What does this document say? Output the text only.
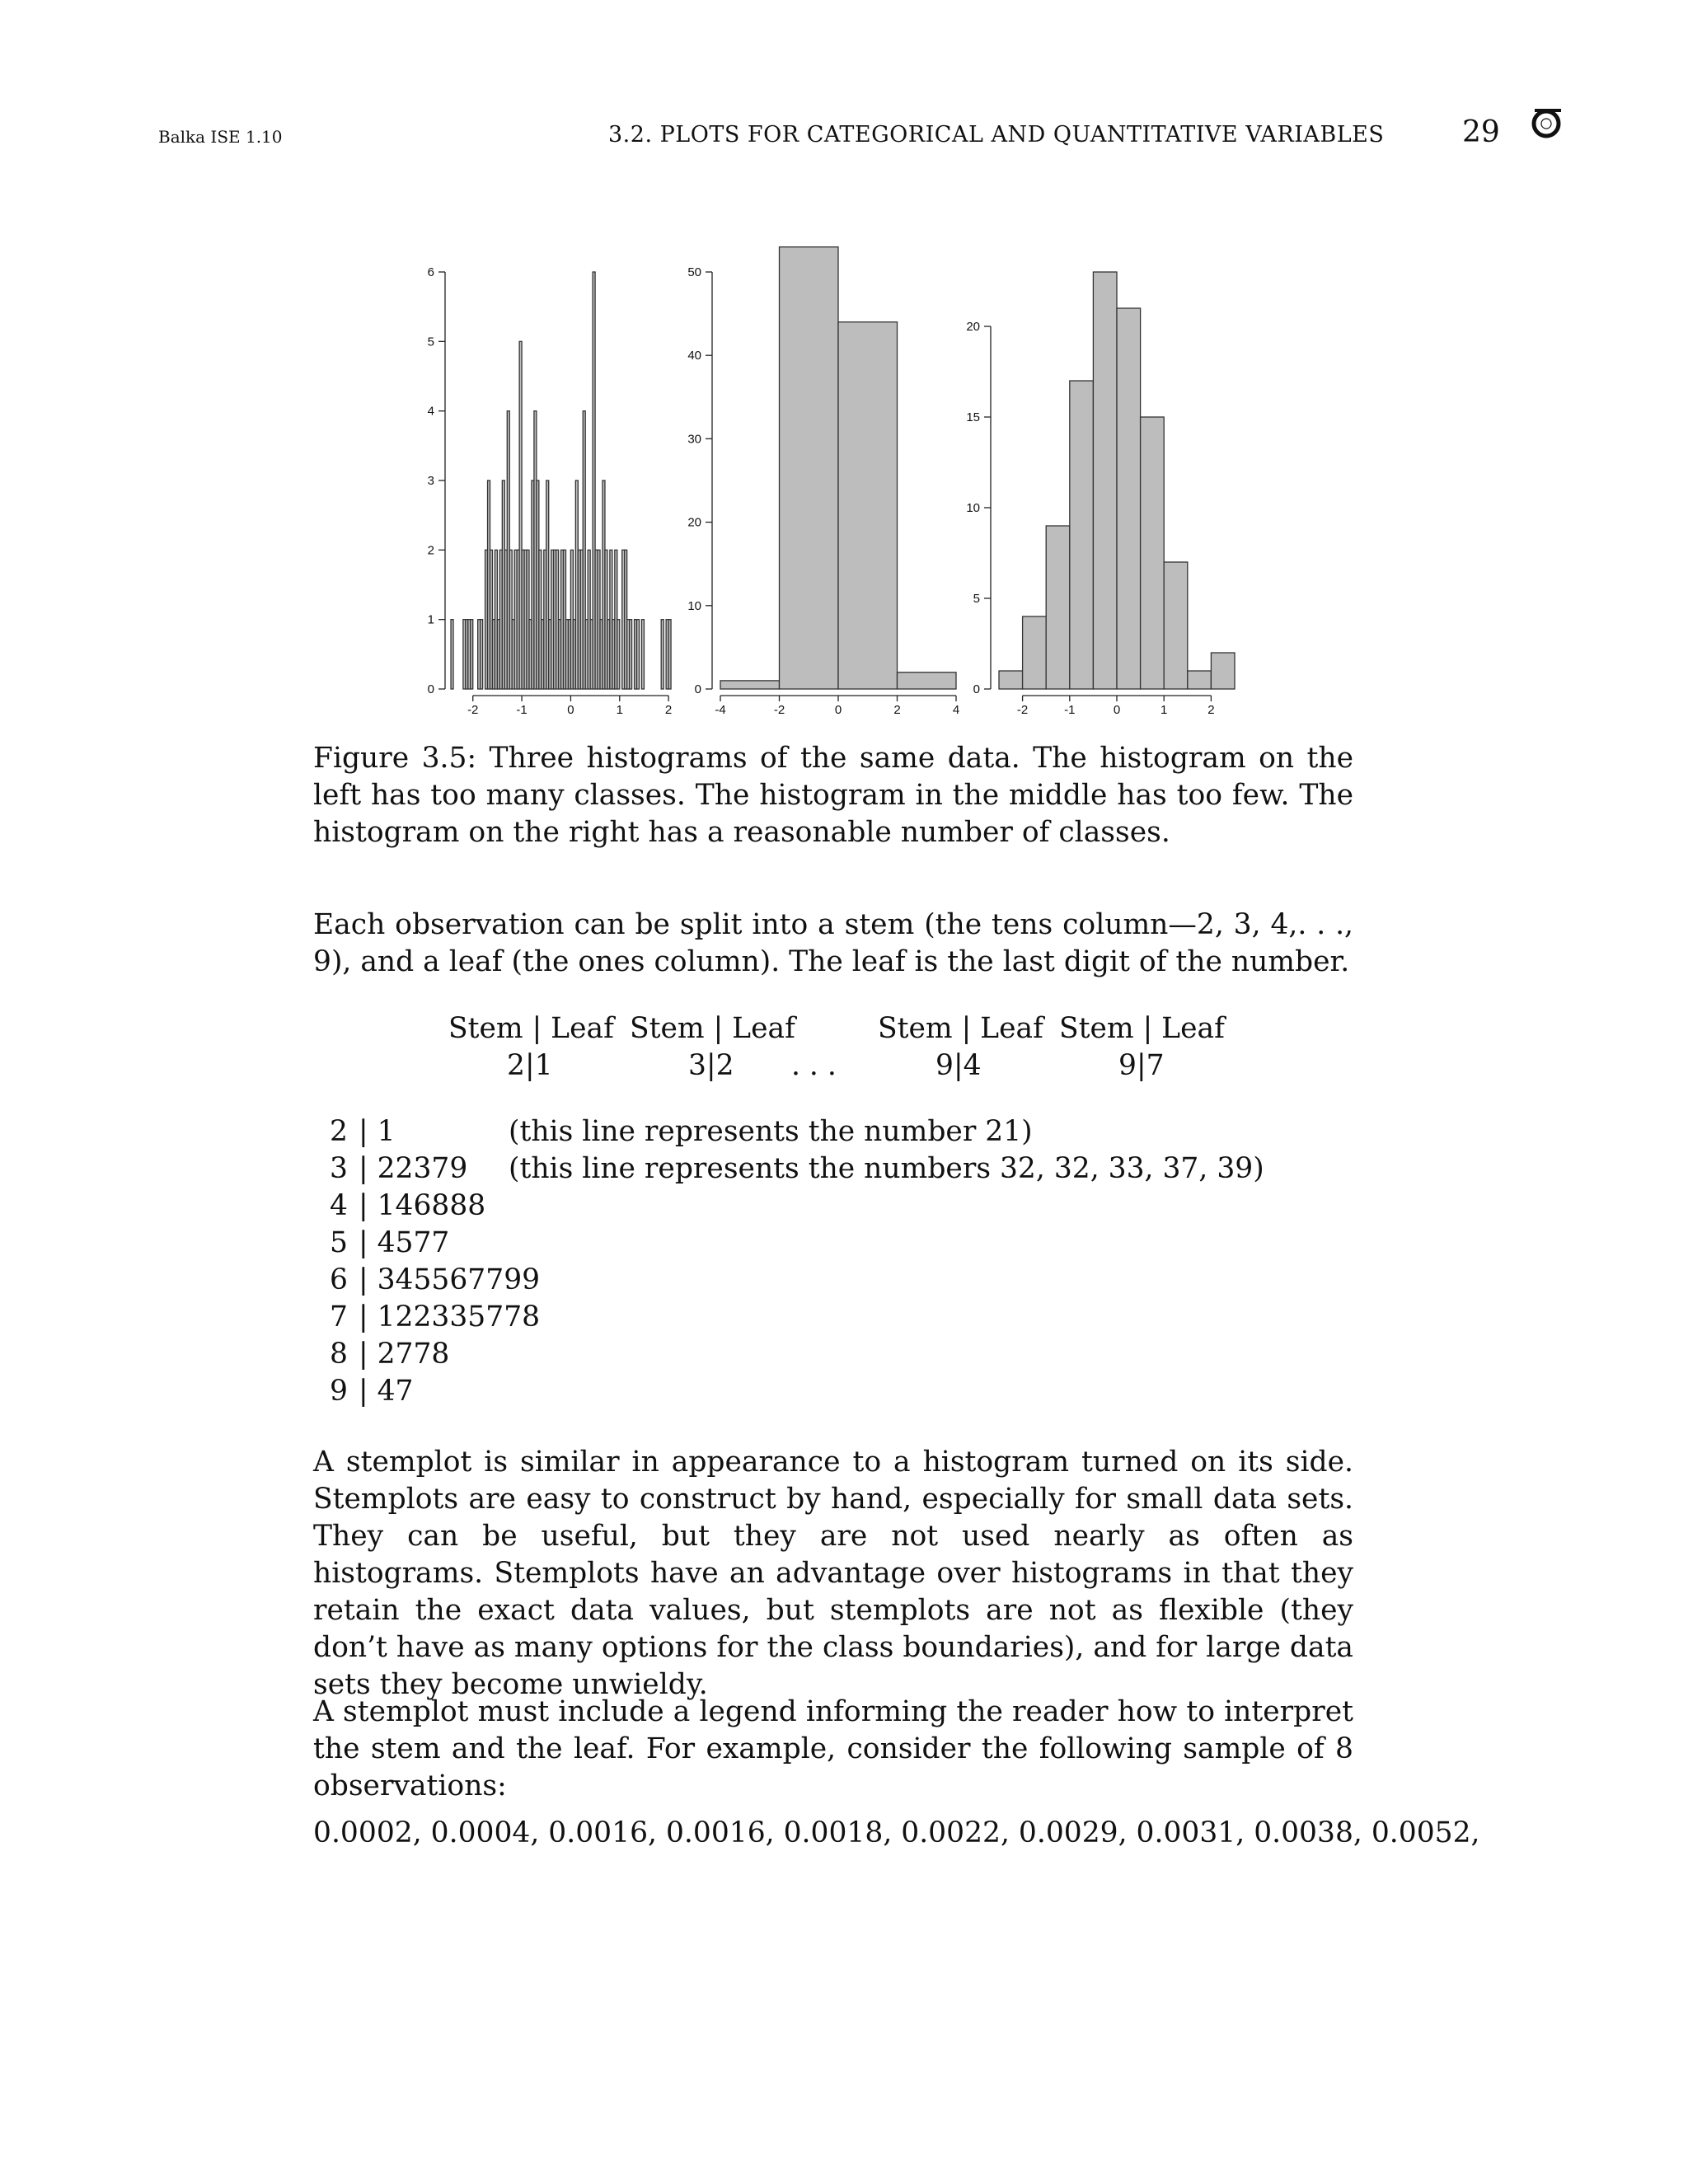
Balka ISE 1.10	3.2. PLOTS FOR CATEGORICAL AND QUANTITATIVE VARIABLES	29
0
1
2
3
4
5
6
-2	-1	0	1	2
0
10
20
30
40
50
-4	-2	0	2	4
0
5
10
15
20
-2	-1	0	1	2
Figure 3.5: Three histograms of the same data. The histogram on the left has too many classes. The histogram in the middle has too few. The histogram on the right has a reasonable number of classes.
Each observation can be split into a stem (the tens column—2, 3, 4,. . ., 9), and a leaf (the ones column). The leaf is the last digit of the number.
Stem | Leaf Stem | Leaf	Stem | Leaf Stem | Leaf
2|1	3|2 . . .	9|4	9|7
2 | 1
3 | 22379
4 | 146888
5 | 4577
6 | 345567799
7 | 122335778
8 | 2778
9 | 47
(this line represents the number 21)
(this line represents the numbers 32, 32, 33, 37, 39)
A stemplot is similar in appearance to a histogram turned on its side. Stemplots are easy to construct by hand, especially for small data sets. They can be useful, but they are not used nearly as often as histograms. Stemplots have an advantage over histograms in that they retain the exact data values, but stemplots are not as flexible (they don’t have as many options for the class boundaries), and for large data sets they become unwieldy.
A stemplot must include a legend informing the reader how to interpret the stem and the leaf. For example, consider the following sample of 8 observations:
0.0002, 0.0004, 0.0016, 0.0016, 0.0018, 0.0022, 0.0029, 0.0031, 0.0038, 0.0052,
